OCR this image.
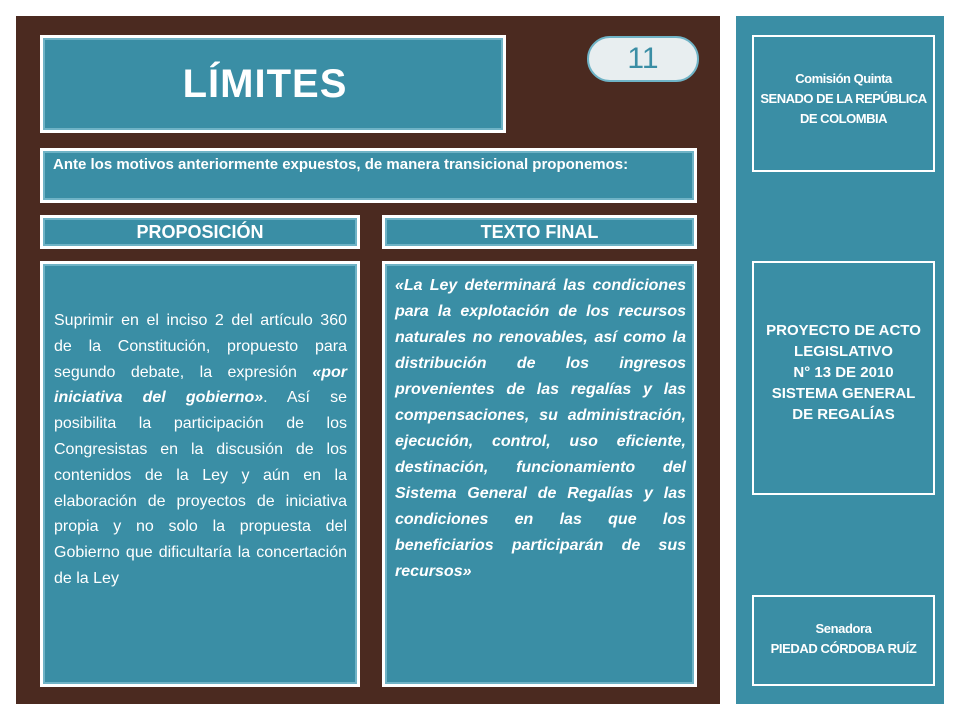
LÍMITES
11
Ante los motivos anteriormente expuestos, de manera transicional proponemos:
PROPOSICIÓN	TEXTO FINAL
Suprimir en el inciso 2 del artículo 360 de la Constitución, propuesto para segundo debate, la expresión «por iniciativa del gobierno». Así se posibilita la participación de los Congresistas en la discusión de los contenidos de la Ley y aún en la elaboración de proyectos de iniciativa propia y no solo la propuesta del Gobierno que dificultaría la concertación de la Ley
«La Ley determinará las condiciones para la explotación de los recursos naturales no renovables, así como la distribución de los ingresos provenientes de las regalías y las compensaciones, su administración, ejecución, control, uso eficiente, destinación, funcionamiento del Sistema General de Regalías y las condiciones en las que los beneficiarios participarán de sus recursos»
Comisión Quinta
SENADO DE LA REPÚBLICA DE COLOMBIA
PROYECTO DE ACTO LEGISLATIVO
N° 13 DE 2010
SISTEMA GENERAL DE REGALÍAS
Senadora
PIEDAD CÓRDOBA RUÍZ
